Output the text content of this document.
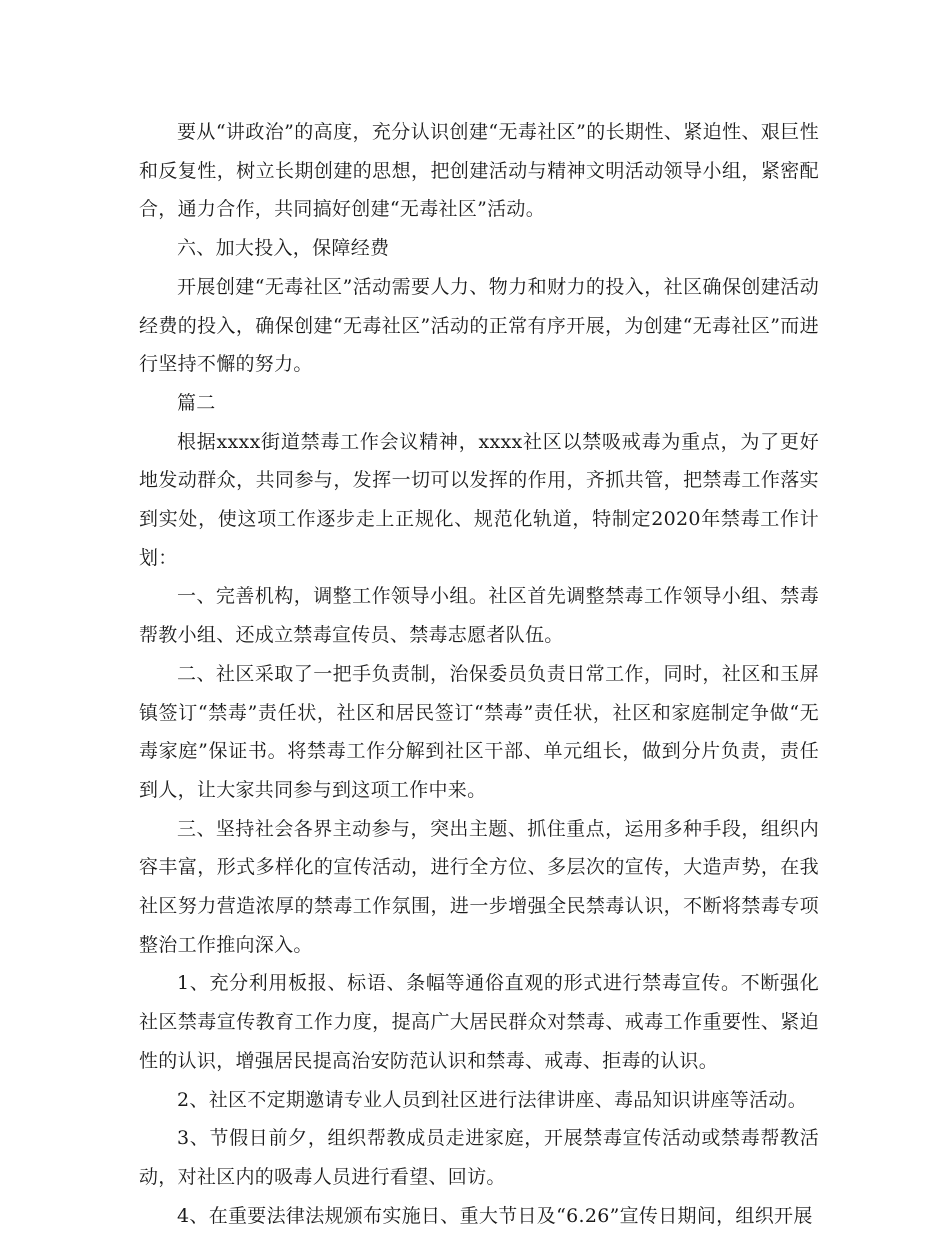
要从“讲政治”的高度，充分认识创建“无毒社区”的长期性、紧迫性、艰巨性和反复性，树立长期创建的思想，把创建活动与精神文明活动领导小组，紧密配合，通力合作，共同搞好创建“无毒社区”活动。

六、加大投入，保障经费

开展创建“无毒社区”活动需要人力、物力和财力的投入，社区确保创建活动经费的投入，确保创建“无毒社区”活动的正常有序开展，为创建“无毒社区”而进行坚持不懈的努力。

篇二

根据xxxx街道禁毒工作会议精神，xxxx社区以禁吸戒毒为重点，为了更好地发动群众，共同参与，发挥一切可以发挥的作用，齐抓共管，把禁毒工作落实到实处，使这项工作逐步走上正规化、规范化轨道，特制定2020年禁毒工作计划：

一、完善机构，调整工作领导小组。社区首先调整禁毒工作领导小组、禁毒帮教小组、还成立禁毒宣传员、禁毒志愿者队伍。

二、社区采取了一把手负责制，治保委员负责日常工作，同时，社区和玉屏镇签订“禁毒”责任状，社区和居民签订“禁毒”责任状，社区和家庭制定争做“无毒家庭”保证书。将禁毒工作分解到社区干部、单元组长，做到分片负责，责任到人，让大家共同参与到这项工作中来。

三、坚持社会各界主动参与，突出主题、抓住重点，运用多种手段，组织内容丰富，形式多样化的宣传活动，进行全方位、多层次的宣传，大造声势，在我社区努力营造浓厚的禁毒工作氛围，进一步增强全民禁毒认识，不断将禁毒专项整治工作推向深入。

1、充分利用板报、标语、条幅等通俗直观的形式进行禁毒宣传。不断强化社区禁毒宣传教育工作力度，提高广大居民群众对禁毒、戒毒工作重要性、紧迫性的认识，增强居民提高治安防范认识和禁毒、戒毒、拒毒的认识。

2、社区不定期邀请专业人员到社区进行法律讲座、毒品知识讲座等活动。

3、节假日前夕，组织帮教成员走进家庭，开展禁毒宣传活动或禁毒帮教活动，对社区内的吸毒人员进行看望、回访。

4、在重要法律法规颁布实施日、重大节日及“6.26”宣传日期间，组织开展
